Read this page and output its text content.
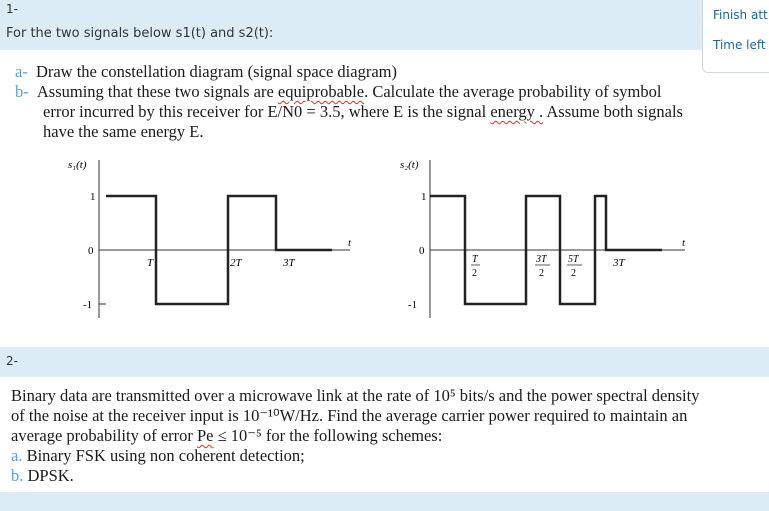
1-
For the two signals below s1(t) and s2(t):
Finish att
Time left
a- Draw the constellation diagram (signal space diagram)
b- Assuming that these two signals are equiprobable. Calculate the average probability of symbol
error incurred by this receiver for E/N0 = 3.5, where E is the signal energy . Assume both signals
have the same energy E.
s₁(t)
1
0
-1
t
T	2T	3T
s₂(t)
1
0
-1
t
T
2
3T
2
5T
2
3T
2-
Binary data are transmitted over a microwave link at the rate of 10⁵ bits/s and the power spectral density
of the noise at the receiver input is 10⁻¹⁰W/Hz. Find the average carrier power required to maintain an
average probability of error Pe ≤ 10⁻⁵ for the following schemes:
a. Binary FSK using non coherent detection;
b. DPSK.
